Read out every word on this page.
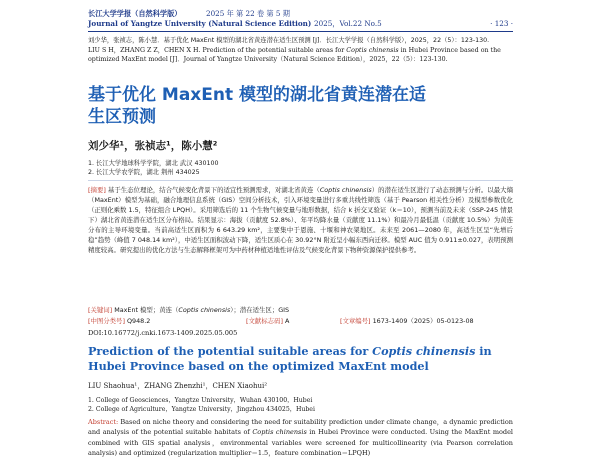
长江大学学报（自然科学版）	2025 年 第 22 卷 第 5 期
Journal of Yangtze University (Natural Science Edition) 2025，Vol.22 No.5	· 123 ·

刘少华，张祯志，陈小慧．基于优化 MaxEnt 模型的湖北省黄连潜在适生区预测 [J]．长江大学学报（自然科学版），2025，22（5）：123-130.

LIU S H，ZHANG Z Z，CHEN X H. Prediction of the potential suitable areas for Coptis chinensis in Hubei Province based on the optimized MaxEnt model [J]．Journal of Yangtze University（Natural Science Edition），2025，22（5）：123-130.

基于优化 MaxEnt 模型的湖北省黄连潜在适生区预测
刘少华¹，张祯志¹，陈小慧²

1. 长江大学地球科学学院，湖北 武汉 430100

2. 长江大学农学院，湖北 荆州 434025

[摘要] 基于生态位理论，结合气候变化背景下的适宜性预测需求，对湖北省黄连（Coptis chinensis）的潜在适生区进行了动态预测与分析。以最大熵（MaxEnt）模型为基础，融合地理信息系统（GIS）空间分析技术，引入环境变量进行多重共线性筛选（基于 Pearson 相关性分析）及模型参数优化（正则化乘数 1.5，特征组合 LPQH）。采用筛选后的 11 个生物气候变量与地形数据，结合 k 折交叉验证（k＝10），预测当前及未来（SSP-245 情景下）湖北省黄连潜在适生区分布格局。结果显示：海拔（贡献度 52.8%）、年平均降水量（贡献度 11.1%）和最冷月最低温（贡献度 10.5%）为黄连分布的主导环境变量。当前高适生区面积为 6 643.29 km²，主要集中于恩施、十堰和神农架地区。未来至 2061—2080 年，高适生区呈“先增后稳”趋势（峰值 7 048.14 km²），中适生区面积波动下降，适生区质心在 30.92°N 附近呈小幅东西向迁移。模型 AUC 值为 0.911±0.027，表明预测精度较高。研究提出的优化方法与生态解释框架可为中药材种植适地性评估及气候变化背景下物种资源保护提供参考。

[关键词] MaxEnt 模型；黄连（Coptis chinensis）；潜在适生区；GIS

[中图分类号] Q948.2	[文献标志码] A	[文章编号] 1673-1409（2025）05-0123-08
DOI:10.16772/j.cnki.1673-1409.2025.05.005
Prediction of the potential suitable areas for Coptis chinensis in Hubei Province based on the optimized MaxEnt model
LIU Shaohua¹，ZHANG Zhenzhi¹，CHEN Xiaohui²

1. College of Geosciences，Yangtze University，Wuhan 430100，Hubei

2. College of Agriculture，Yangtze University，Jingzhou 434025，Hubei

Abstract: Based on niche theory and considering the need for suitability prediction under climate change，a dynamic prediction and analysis of the potential suitable habitats of Coptis chinensis in Hubei Province were conducted. Using the MaxEnt model combined with GIS spatial analysis，environmental variables were screened for multicollinearity (via Pearson correlation analysis) and optimized (regularization multiplier＝1.5，feature combination＝LPQH)
